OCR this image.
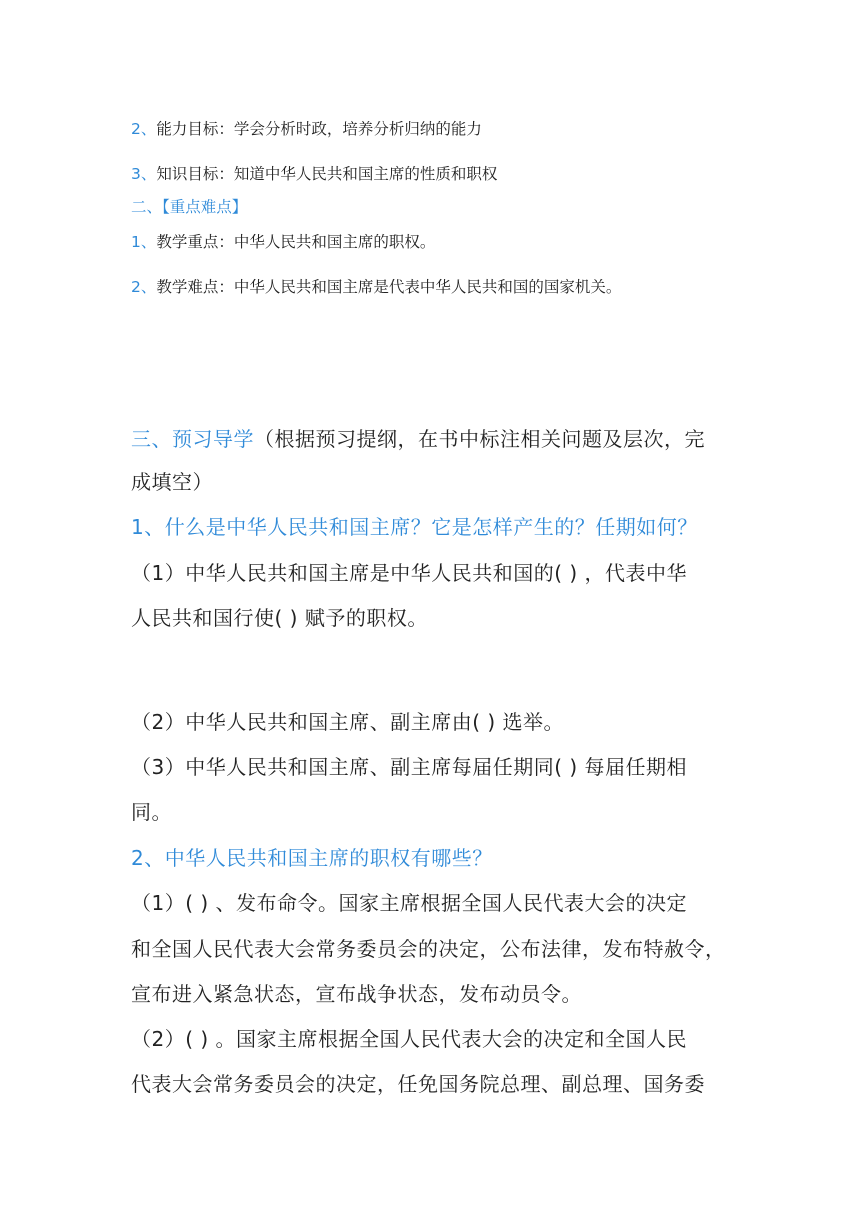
2、能力目标：学会分析时政，培养分析归纳的能力
3、知识目标：知道中华人民共和国主席的性质和职权
二、【重点难点】
1、教学重点：中华人民共和国主席的职权。
2、教学难点：中华人民共和国主席是代表中华人民共和国的国家机关。
三、预习导学（根据预习提纲，在书中标注相关问题及层次，完
成填空）
1、什么是中华人民共和国主席？它是怎样产生的？任期如何？
（1）中华人民共和国主席是中华人民共和国的( ) ，代表中华
人民共和国行使( ) 赋予的职权。
（2）中华人民共和国主席、副主席由( ) 选举。
（3）中华人民共和国主席、副主席每届任期同( ) 每届任期相
同。
2、中华人民共和国主席的职权有哪些？
（1）( ) 、发布命令。国家主席根据全国人民代表大会的决定
和全国人民代表大会常务委员会的决定，公布法律，发布特赦令，
宣布进入紧急状态，宣布战争状态，发布动员令。
（2）( ) 。国家主席根据全国人民代表大会的决定和全国人民
代表大会常务委员会的决定，任免国务院总理、副总理、国务委
